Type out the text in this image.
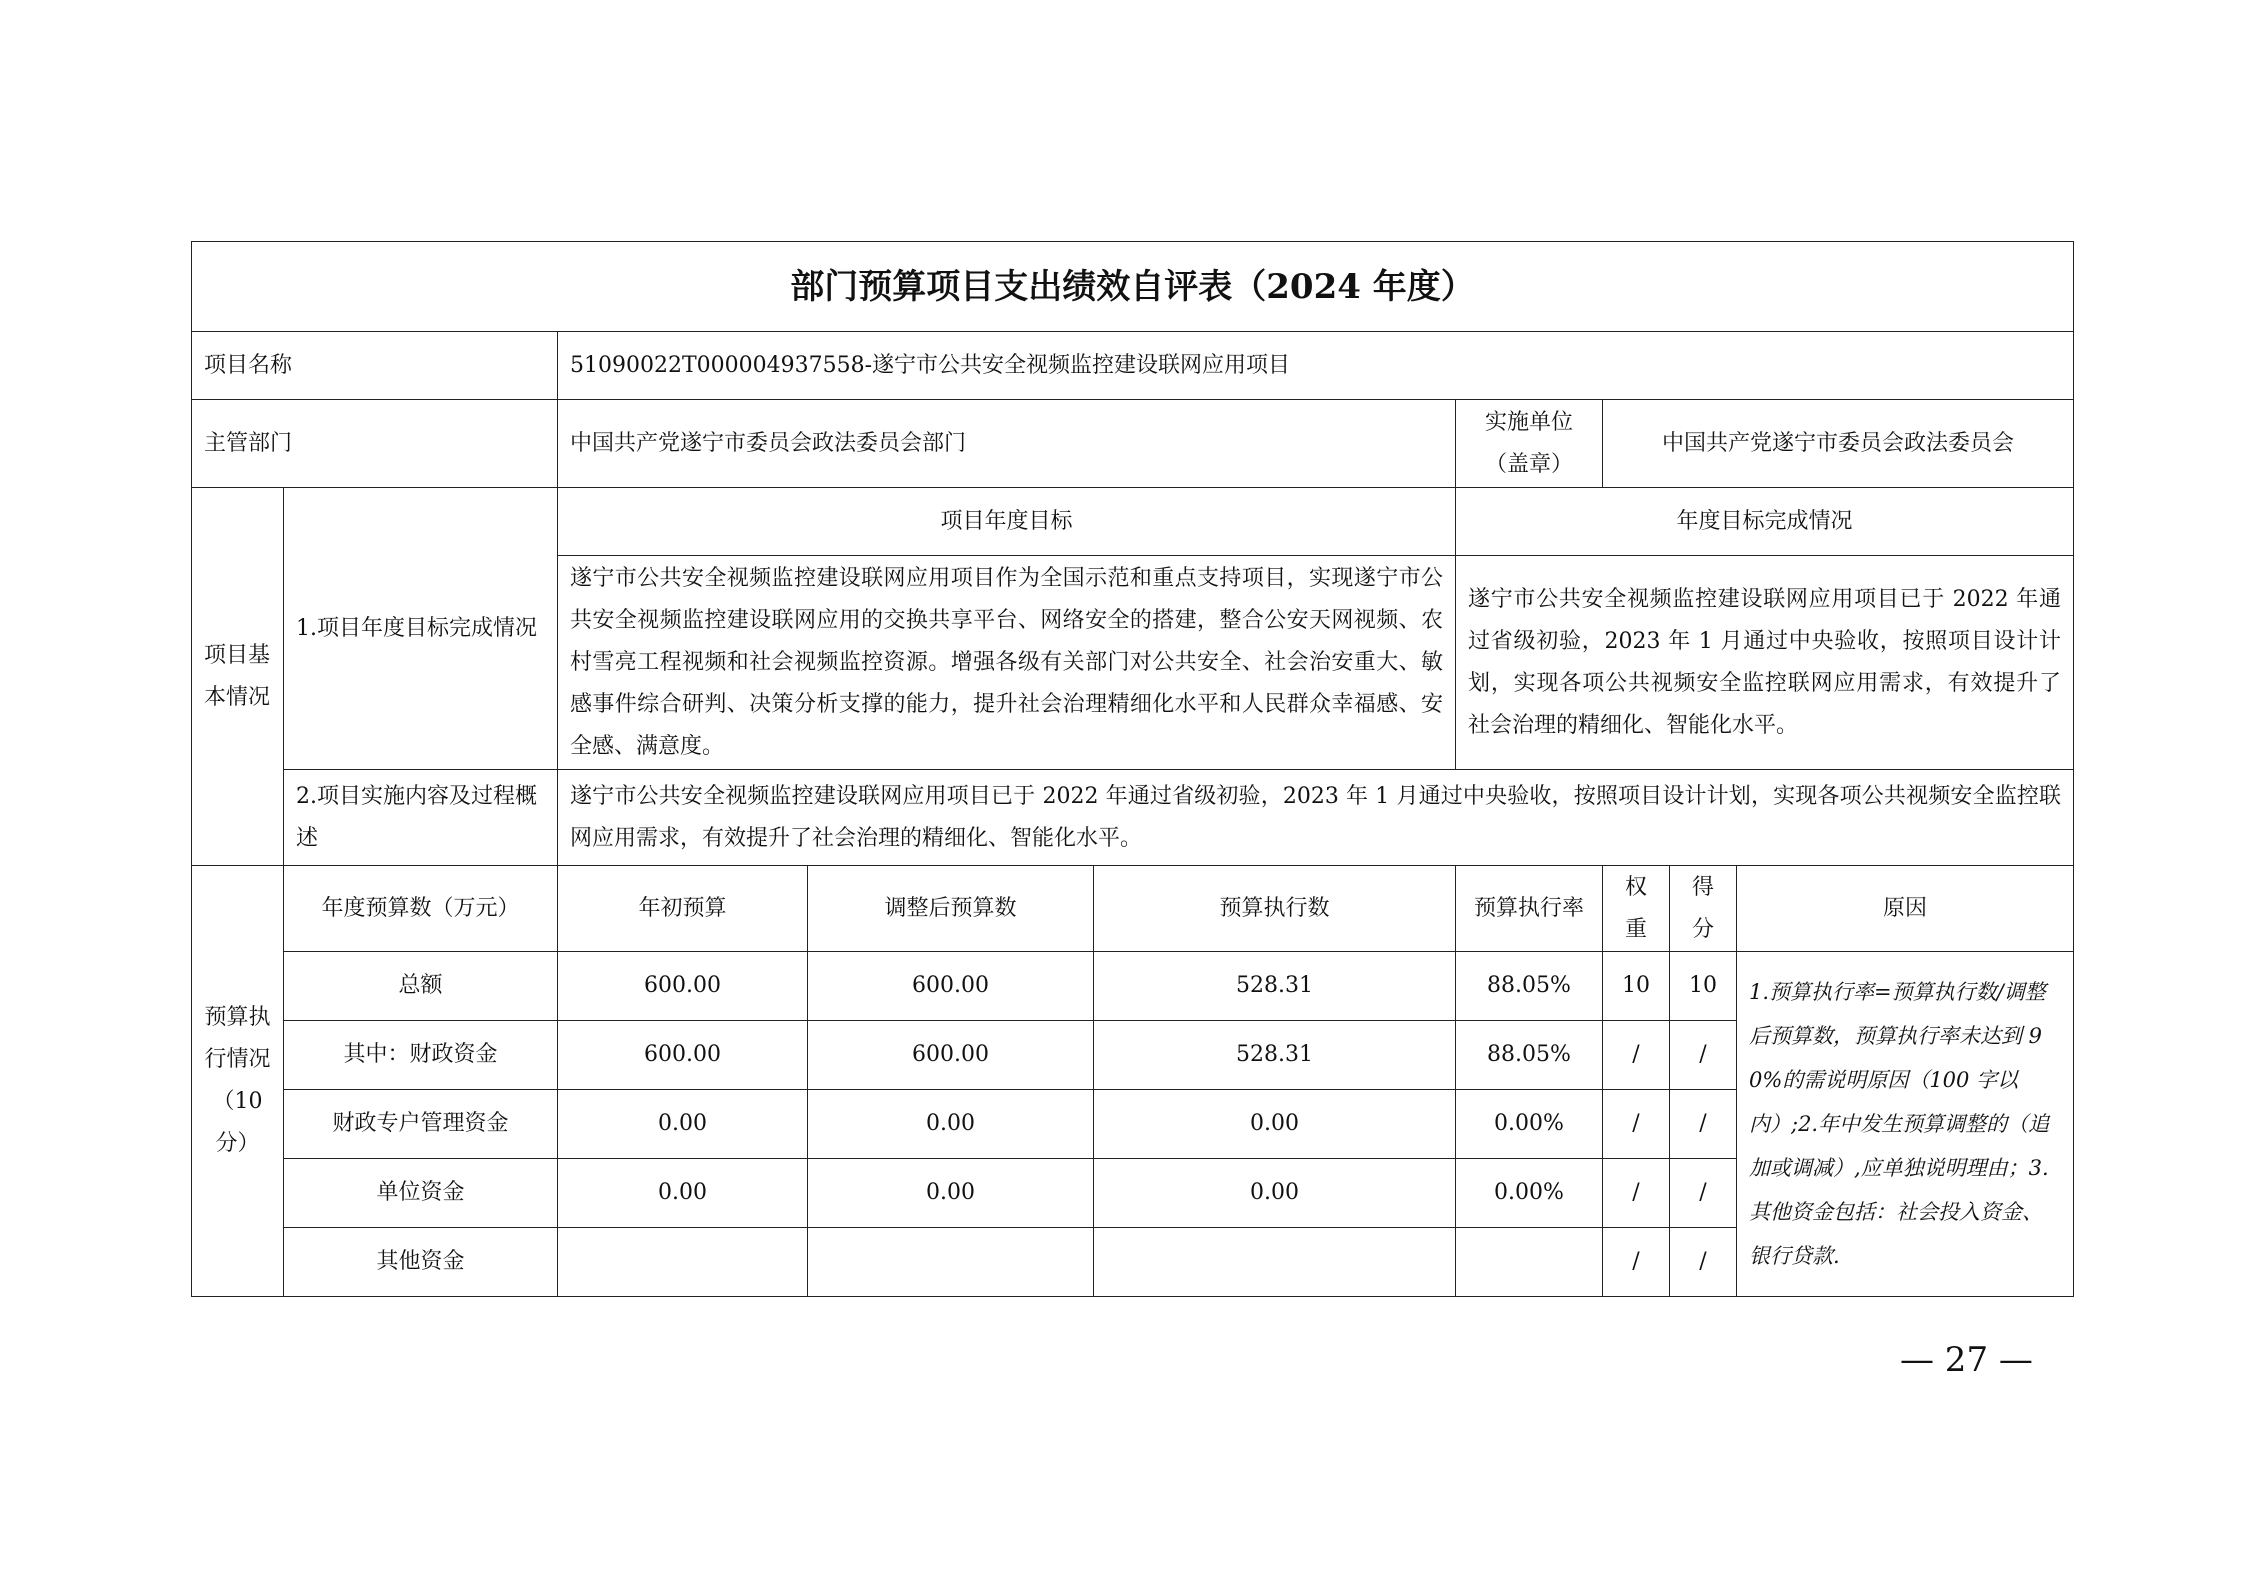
部门预算项目支出绩效自评表（2024 年度）								
项目名称		51090022T000004937558-遂宁市公共安全视频监控建设联网应用项目						
主管部门		中国共产党遂宁市委员会政法委员会部门			实施单位（盖章）	中国共产党遂宁市委员会政法委员会		
项目基本情况	1.项目年度目标完成情况	项目年度目标			年度目标完成情况			
		遂宁市公共安全视频监控建设联网应用项目作为全国示范和重点支持项目，实现遂宁市公共安全视频监控建设联网应用的交换共享平台、网络安全的搭建，整合公安天网视频、农村雪亮工程视频和社会视频监控资源。增强各级有关部门对公共安全、社会治安重大、敏感事件综合研判、决策分析支撑的能力，提升社会治理精细化水平和人民群众幸福感、安全感、满意度。			遂宁市公共安全视频监控建设联网应用项目已于 2022 年通过省级初验，2023 年 1 月通过中央验收，按照项目设计计划，实现各项公共视频安全监控联网应用需求，有效提升了社会治理的精细化、智能化水平。			
	2.项目实施内容及过程概述	遂宁市公共安全视频监控建设联网应用项目已于 2022 年通过省级初验，2023 年 1 月通过中央验收，按照项目设计计划，实现各项公共视频安全监控联网应用需求，有效提升了社会治理的精细化、智能化水平。						
预算执行情况（10 分）	年度预算数（万元）	年初预算	调整后预算数	预算执行数	预算执行率	权重	得分	原因
	总额	600.00	600.00	528.31	88.05%	10	10	1.预算执行率=预算执行数/调整后预算数，预算执行率未达到 90%的需说明原因（100 字以内）;2.年中发生预算调整的（追加或调减）,应单独说明理由；3.其他资金包括：社会投入资金、银行贷款.
	其中：财政资金	600.00	600.00	528.31	88.05%	/	/	
	财政专户管理资金	0.00	0.00	0.00	0.00%	/	/	
	单位资金	0.00	0.00	0.00	0.00%	/	/	
	其他资金					/	/	
— 27 —
